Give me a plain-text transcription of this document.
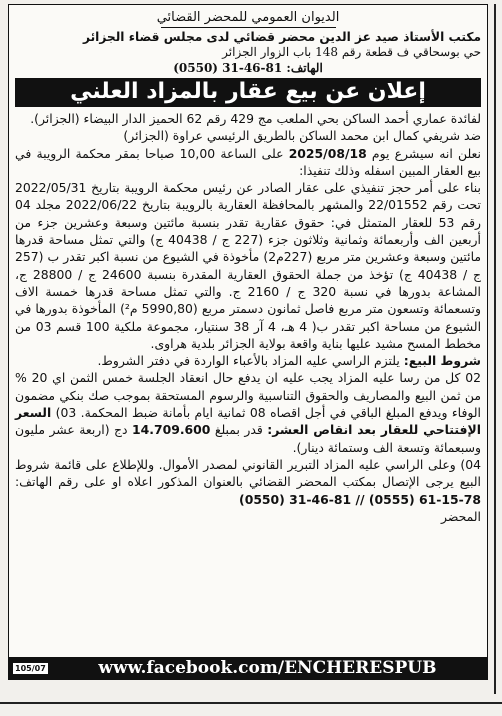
الديوان العمومي للمحضر القضائي
مكتب الأستاذ صيد عز الدين محضر قضائي لدى مجلس قضاء الجزائر
حي بوسحاقي ف قطعة رقم 148 باب الزوار الجزائر
الهاتف: (0550) 31-46-81
إعلان عن بيع عقار بالمزاد العلني

لفائدة عماري أحمد الساكن بحي الملعب مج 429 رقم 62 الحميز الدار البيضاء (الجزائر).

ضد شريفي كمال ابن محمد الساكن بالطريق الرئيسي عراوة (الجزائر)

نعلن انه سيشرع يوم 2025/08/18 على الساعة 10,00 صباحا بمقر محكمة الرويبة في بيع العقار المبين اسفله وذلك تنفيذا:

بناء على أمر حجز تنفيذي على عقار الصادر عن رئيس محكمة الرويبة بتاريخ 2022/05/31 تحت رقم 22/01552 والمشهر بالمحافظة العقارية بالرويبة بتاريخ 2022/06/22 مجلد 04 رقم 53 للعقار المتمثل في: حقوق عقارية تقدر بنسبة مائتين وسبعة وعشرين جزء من أربعين الف وأربعمائة وثمانية وثلاثون جزء (227 ج / 40438 ج) والتي تمثل مساحة قدرها مائتين وسبعة وعشرين متر مربع (227م2) مأخوذة في الشيوع من نسبة اكبر تقدر ب (257 ج / 40438 ج) تؤخذ من جملة الحقوق العقارية المقدرة بنسبة 24600 ج / 28800 ج، المشاعة بدورها في نسبة 320 ج / 2160 ج. والتي تمثل مساحة قدرها خمسة الاف وتسعمائة وتسعون متر مربع فاصل ثمانون دسمتر مربع (5990,80 م²) المأخوذة بدورها في الشيوع من مساحة اكبر تقدر ب( 4 هـ، 4 آر 38 سنتيار، مجموعة ملكية 100 قسم 03 من مخطط المسح مشيد عليها بناية واقعة بولاية الجزائر بلدية هراوى.

شروط البيع: يلتزم الراسي عليه المزاد بالأعباء الواردة في دفتر الشروط.

02 كل من رسا عليه المزاد يجب عليه ان يدفع حال انعقاد الجلسة خمس الثمن اي 20 % من ثمن البيع والمصاريف والحقوق التناسبية والرسوم المستحقة بموجب صك بنكي مضمون الوفاء ويدفع المبلغ الباقي في أجل اقصاه 08 ثمانية ايام بأمانة ضبط المحكمة. 03) السعر الإفتتاحي للعقار بعد انقاص العشر: قدر بمبلغ 14.709.600 دج (اربعة عشر مليون وسبعمائة وتسعة الف وستمائة دينار).

04) وعلى الراسي عليه المزاد التبرير القانوني لمصدر الأموال. وللإطلاع على قائمة شروط البيع يرجى الإتصال بمكتب المحضر القضائي بالعنوان المذكور اعلاه او على رقم الهاتف: (0550) 31-46-81 // (0555) 61-15-78

المحضر

105/07	www.facebook.com/ENCHERESPUB
